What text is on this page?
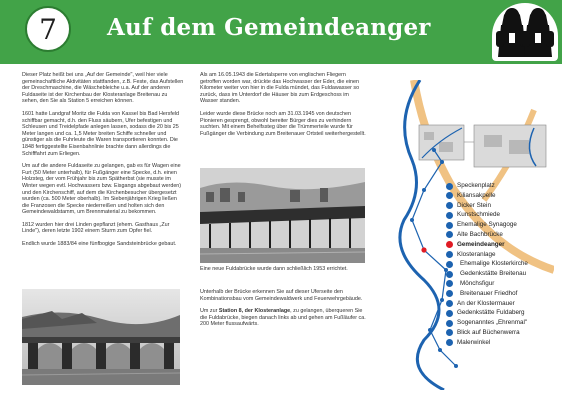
7 Auf dem Gemeindeanger

Dieser Platz heißt bei uns „Auf der Gemeinde", weil hier viele gemeinschaftliche Aktivitäten stattfanden, z.B. Feste, das Aufstellen der Dreschmaschine, die Wäschebleiche u.a. Auf der anderen Fuldaseite ist der Kirchenbau der Klosteranlage Breitenau zu sehen, den Sie als Station 5 erreichen können.

1601 hatte Landgraf Moritz die Fulda von Kassel bis Bad Hersfeld schiffbar gemacht, d.h. den Fluss säubern, Ufer befestigen und Schleusen und Treidelpfade anlegen lassen, sodass die 20 bis 25 Meter langen und ca. 1,5 Meter breiten Schiffe schneller und günstiger als die Fuhrleute die Waren transportieren konnten. Die 1848 fertiggestellte Eisenbahnlinie brachte dann allerdings die Schifffahrt zum Erliegen.

Um auf die andere Fuldaseite zu gelangen, gab es für Wagen eine Furt (50 Meter unterhalb), für Fußgänger eine Specke, d.h. einen Holzsteg, der vom Frühjahr bis zum Spätherbst (sie musste im Winter wegen evtl. Hochwassers bzw. Eisgangs abgebaut werden) und den Kirchenschiff, auf dem die Kirchenbesucher übergesetzt wurden (ca. 500 Meter oberhalb). Im Siebenjährigen Krieg ließen die Franzosen die Specke niederreißen und holten sich den Gemeindewaldstamm, um Brennmaterial zu bekommen.

1812 wurden hier drei Linden gepflanzt (ehem. Gasthaus „Zur Linde"), deren letzte 1902 einem Sturm zum Opfer fiel.

Endlich wurde 1883/84 eine fünfbogige Sandsteinbrücke gebaut.

Als am 16.05.1943 die Edertalsperre von englischen Fliegern getroffen worden war, drückte das Hochwasser der Eder, die einen Kilometer weiter von hier in die Fulda mündet, das Fuldawasser so zurück, dass im Unterdorf die Häuser bis zum Erdgeschoss im Wasser standen.

Leider wurde diese Brücke noch am 31.03.1945 von deutschen Pionieren gesprengt, obwohl bereiter Bürger dies zu verhindern suchten. Mit einem Behelfssteg über die Trümmerteile wurde für Fußgänger die Verbindung zum Breitenauer Ortsteil weiterhergestellt.

Eine neue Fuldabrücke wurde dann schließlich 1953 errichtet.

Unterhalb der Brücke erkennen Sie auf dieser Uferseite den Kombinationsbau vom Gemeindewaldwerk und Feuerwehrgebäude.

Um zur Station 8, der Klosteranlage, zu gelangen, überqueren Sie die Fuldabrücke, biegen danach links ab und gehen am Fußläufer ca. 200 Meter flussaufwärts.

Speckenplatz
Kiliansakpelle
Dicker Stein
Kunstschmiede
Ehemalige Synagoge
Alte Bachbrücke
Gemeindeanger
Klosteranlage
Ehemalige Klosterkirche
Gedenkstätte Breitenau
Mönchsfigur
Breitenauer Friedhof
An der Klostermauer
Gedenkstätte Fuldaberg
Sogenanntes „Ehrenmal"
Blick auf Büchenwerra
Malerwinkel
